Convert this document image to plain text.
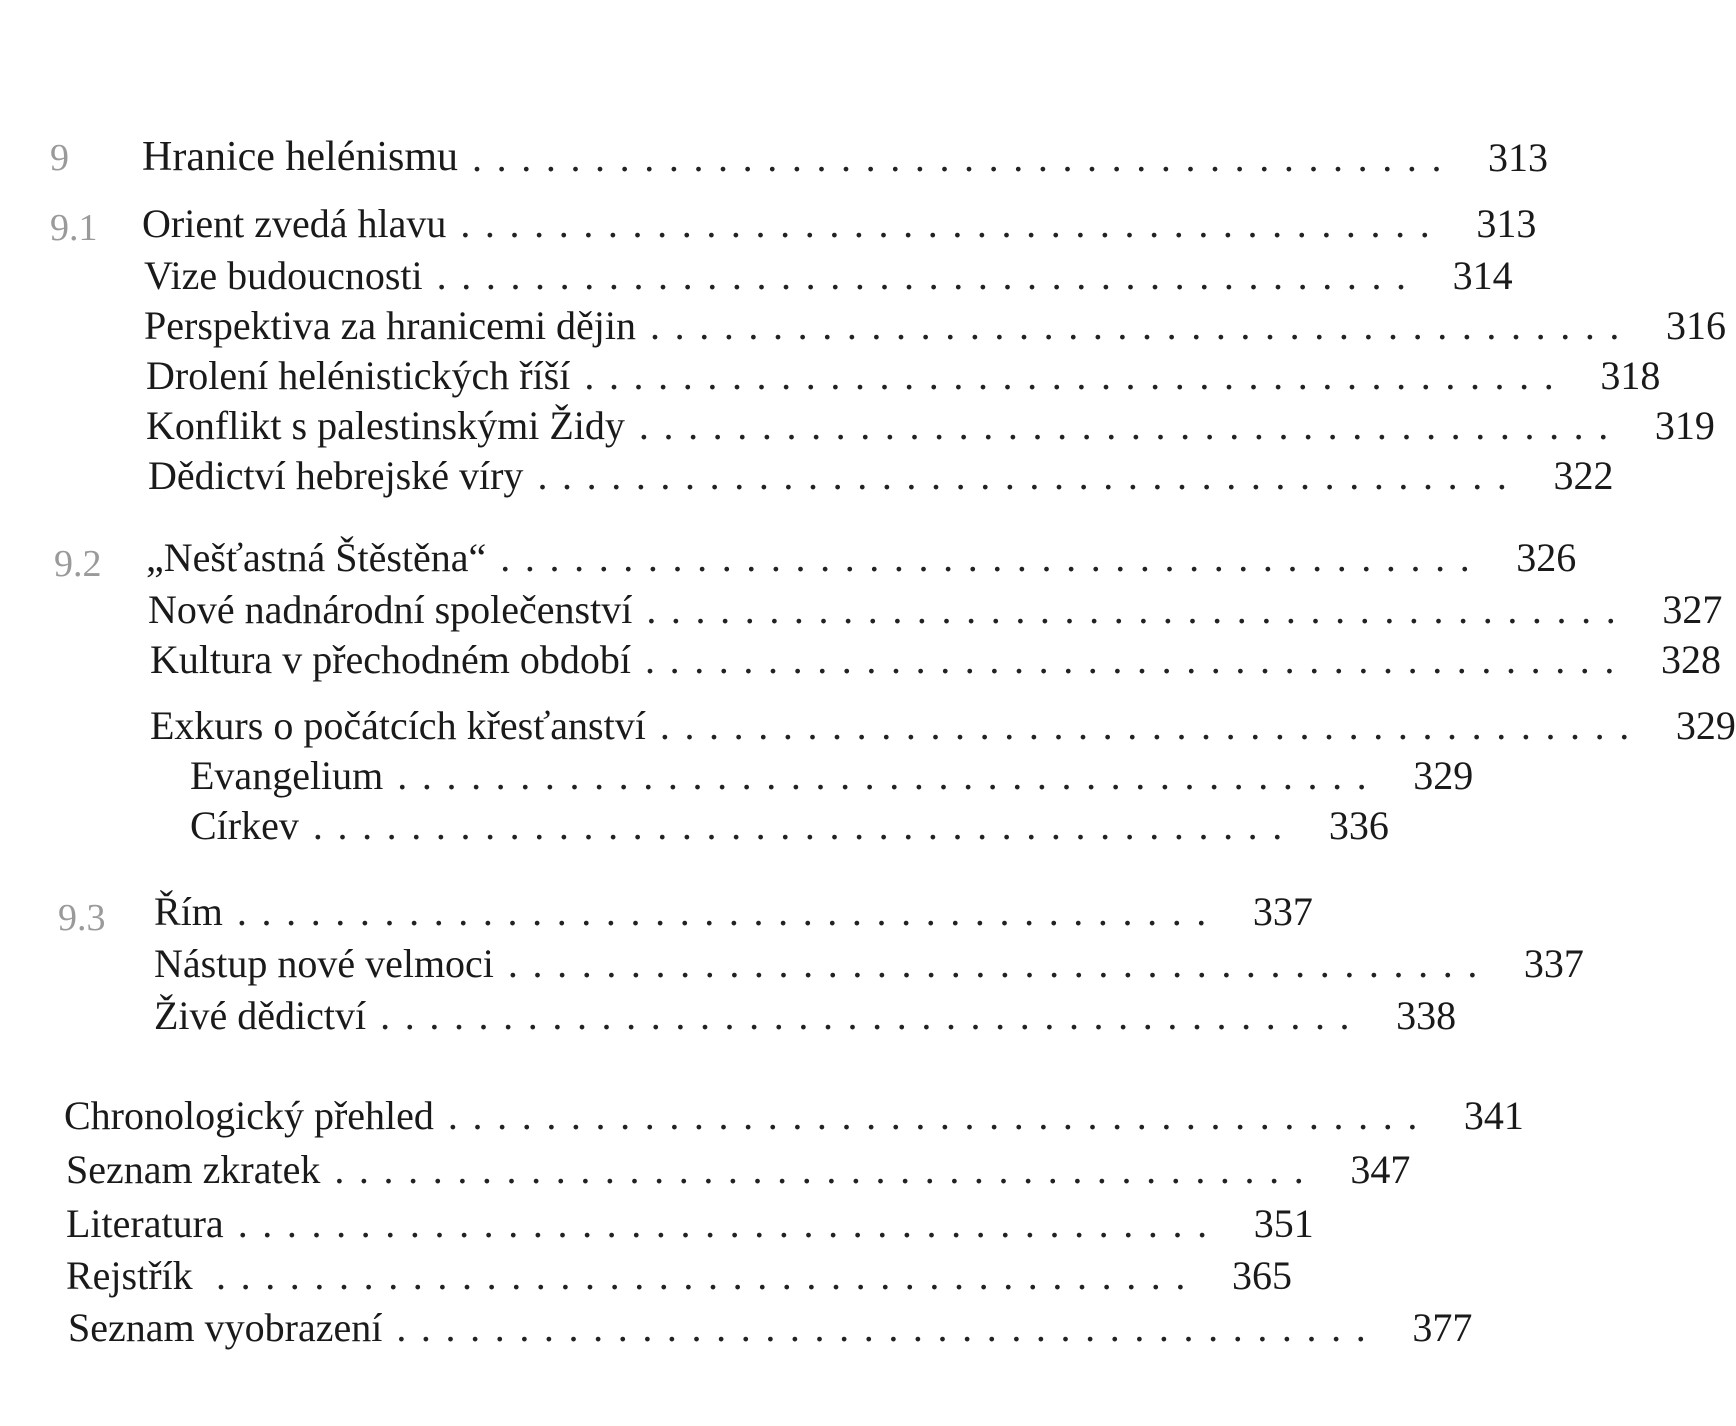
9 Hranice helénismu ........................................ 313
9.1 Orient zvedá hlavu ........................................ 313
Vize budoucnosti ........................................ 314
Perspektiva za hranicemi dějin ........................................ 316
Drolení helénistických říší ........................................ 318
Konflikt s palestinskými Židy ........................................ 319
Dědictví hebrejské víry ........................................ 322
9.2 „Nešťastná Štěstěna“ ........................................ 326
Nové nadnárodní společenství ........................................ 327
Kultura v přechodném období ........................................ 328
Exkurs o počátcích křesťanství ........................................ 329
Evangelium ........................................ 329
Církev ........................................ 336
9.3 Řím ........................................ 337
Nástup nové velmoci ........................................ 337
Živé dědictví ........................................ 338
Chronologický přehled ........................................ 341
Seznam zkratek ........................................ 347
Literatura ........................................ 351
Rejstřík ........................................ 365
Seznam vyobrazení ........................................ 377
